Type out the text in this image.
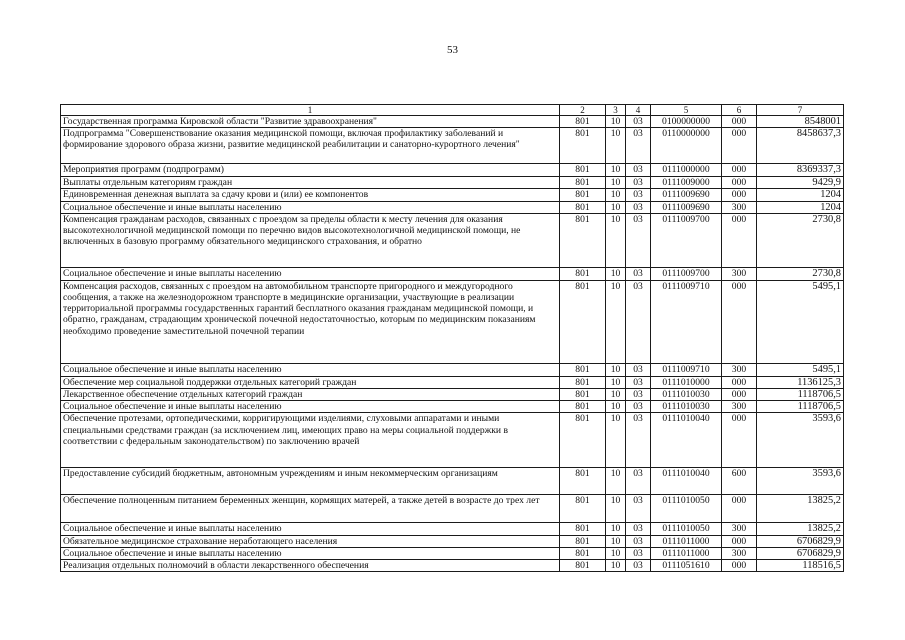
53
1	2	3	4	5	6	7
Государственная программа Кировской области "Развитие здравоохранения"	801	10	03	0100000000	000	8548001
Подпрограмма "Совершенствование оказания медицинской помощи, включая профилактику заболеваний и формирование здорового образа жизни, развитие медицинской реабилитации и санаторно-курортного лечения"	801	10	03	0110000000	000	8458637,3
Мероприятия программ (подпрограмм)	801	10	03	0111000000	000	8369337,3
Выплаты отдельным категориям граждан	801	10	03	0111009000	000	9429,9
Единовременная денежная выплата за сдачу крови и (или) ее компонентов	801	10	03	0111009690	000	1204
Социальное обеспечение и иные выплаты населению	801	10	03	0111009690	300	1204
Компенсация гражданам расходов, связанных с проездом за пределы области к месту лечения для оказания высокотехнологичной медицинской помощи по перечню видов высокотехнологичной медицинской помощи, не включенных в базовую программу обязательного медицинского страхования, и обратно	801	10	03	0111009700	000	2730,8
Социальное обеспечение и иные выплаты населению	801	10	03	0111009700	300	2730,8
Компенсация расходов, связанных с проездом на автомобильном транспорте пригородного и междугородного сообщения, а также на железнодорожном транспорте в медицинские организации, участвующие в реализации территориальной программы государственных гарантий бесплатного оказания гражданам медицинской помощи, и обратно, гражданам, страдающим хронической почечной недостаточностью, которым по медицинским показаниям необходимо проведение заместительной почечной терапии	801	10	03	0111009710	000	5495,1
Социальное обеспечение и иные выплаты населению	801	10	03	0111009710	300	5495,1
Обеспечение мер социальной поддержки отдельных категорий граждан	801	10	03	0111010000	000	1136125,3
Лекарственное обеспечение отдельных категорий граждан	801	10	03	0111010030	000	1118706,5
Социальное обеспечение и иные выплаты населению	801	10	03	0111010030	300	1118706,5
Обеспечение протезами, ортопедическими, корригирующими изделиями, слуховыми аппаратами и иными специальными средствами граждан (за исключением лиц, имеющих право на меры социальной поддержки в соответствии с федеральным законодательством) по заключению врачей	801	10	03	0111010040	000	3593,6
Предоставление субсидий бюджетным, автономным учреждениям и иным некоммерческим организациям	801	10	03	0111010040	600	3593,6
Обеспечение полноценным питанием беременных женщин, кормящих матерей, а также детей в возрасте до трех лет	801	10	03	0111010050	000	13825,2
Социальное обеспечение и иные выплаты населению	801	10	03	0111010050	300	13825,2
Обязательное медицинское страхование неработающего населения	801	10	03	0111011000	000	6706829,9
Социальное обеспечение и иные выплаты населению	801	10	03	0111011000	300	6706829,9
Реализация отдельных полномочий в области лекарственного обеспечения	801	10	03	0111051610	000	118516,5
